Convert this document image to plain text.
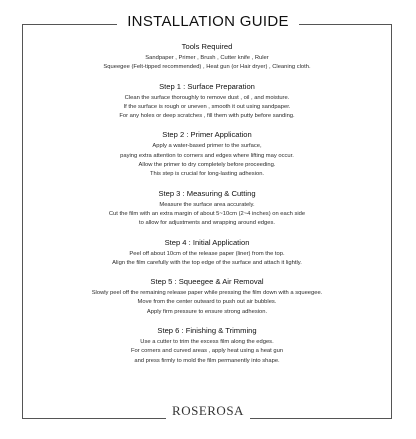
INSTALLATION GUIDE
Tools Required
Sandpaper , Primer , Brush , Cutter knife , Ruler
Squeegee (Felt-tipped recommended) , Heat gun (or Hair dryer) , Cleaning cloth.
Step 1 : Surface Preparation
Clean the surface thoroughly to remove dust , oil , and moisture.
If the surface is rough or uneven , smooth it out using sandpaper.
For any holes or deep scratches , fill them with putty before sanding.
Step 2 : Primer Application
Apply a water-based primer to the surface,
paying extra attention to corners and edges where lifting may occur.
Allow the primer to dry completely before proceeding.
This step is crucial for long-lasting adhesion.
Step 3 : Measuring & Cutting
Measure the surface area accurately.
Cut the film with an extra margin of about 5~10cm (2~4 inches) on each side
to allow for adjustments and wrapping around edges.
Step 4 : Initial Application
Peel off about 10cm of the release paper (liner) from the top.
Align the film carefully with the top edge of the surface and attach it lightly.
Step 5 : Squeegee & Air Removal
Slowly peel off the remaining release paper while pressing the film down with a squeegee.
Move from the center outward to push out air bubbles.
Apply firm pressure to ensure strong adhesion.
Step 6 : Finishing & Trimming
Use a cutter to trim the excess film along the edges.
For corners and curved areas , apply heat using a heat gun
and press firmly to mold the film permanently into shape.
ROSEROSA
